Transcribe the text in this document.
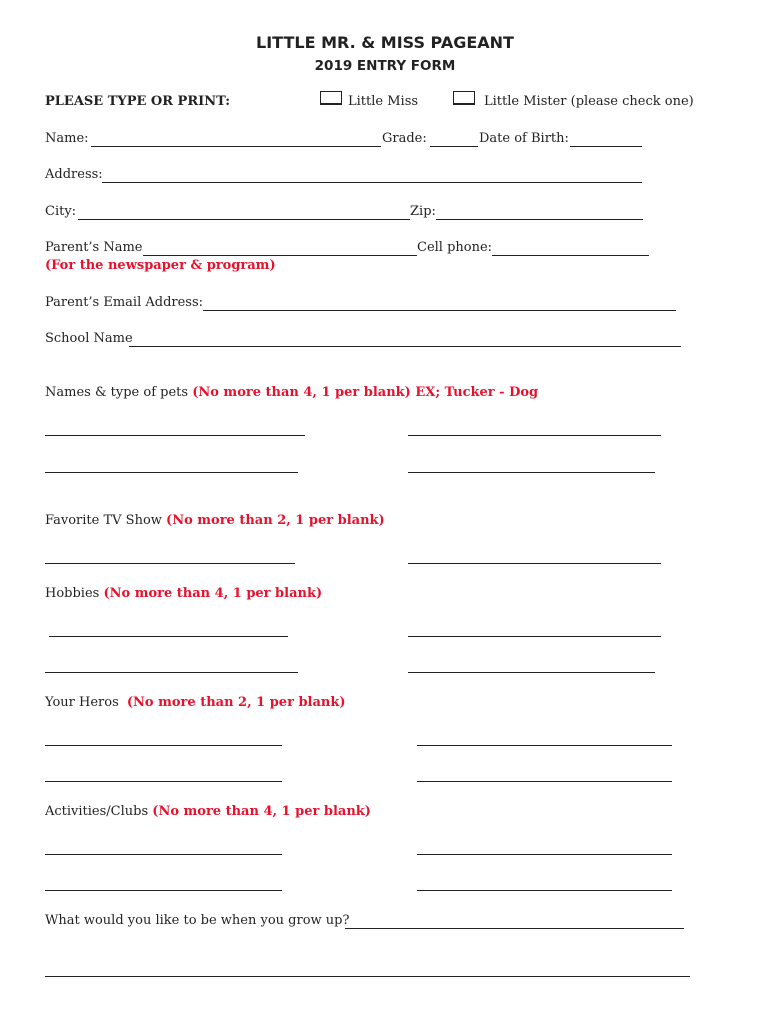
LITTLE MR. & MISS PAGEANT
2019 ENTRY FORM
PLEASE TYPE OR PRINT:	Little Miss	Little Mister (please check one)
Name:	Grade:	Date of Birth:
Address:
City:	Zip:
Parent’s Name	Cell phone:
(For the newspaper & program)
Parent’s Email Address:
School Name
Names & type of pets (No more than 4, 1 per blank) EX; Tucker - Dog
Favorite TV Show (No more than 2, 1 per blank)
Hobbies (No more than 4, 1 per blank)
Your Heros (No more than 2, 1 per blank)
Activities/Clubs (No more than 4, 1 per blank)
What would you like to be when you grow up?
